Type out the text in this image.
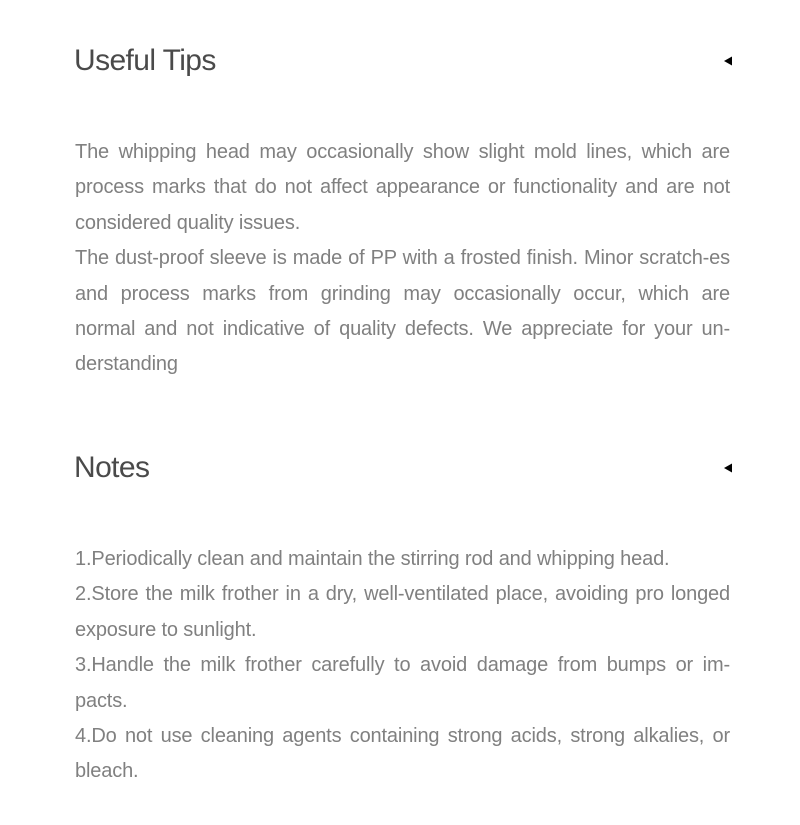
Useful Tips

The whipping head may occasionally show slight mold lines, which are process marks that do not affect appearance or functionality and are not considered quality issues.

The dust-proof sleeve is made of PP with a frosted finish. Minor scratch-es and process marks from grinding may occasionally occur, which are normal and not indicative of quality defects. We appreciate for your un-derstanding

Notes

1.Periodically clean and maintain the stirring rod and whipping head.

2.Store the milk frother in a dry, well-ventilated place, avoiding pro longed exposure to sunlight.

3.Handle the milk frother carefully to avoid damage from bumps or im-pacts.

4.Do not use cleaning agents containing strong acids, strong alkalies, or bleach.
